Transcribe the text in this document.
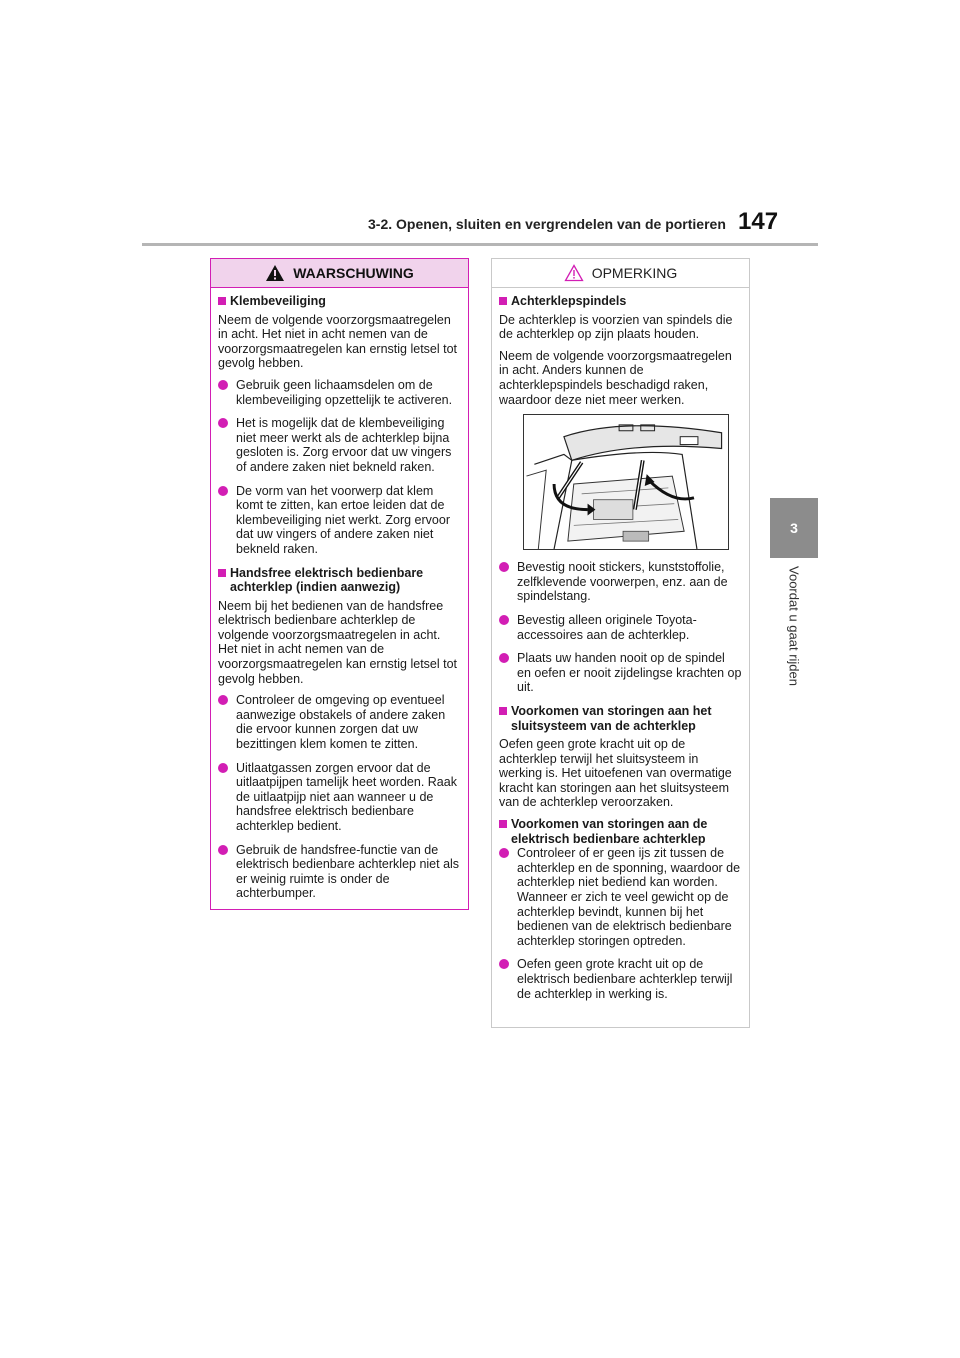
3-2. Openen, sluiten en vergrendelen van de portieren 147
3
Voordat u gaat rijden
WAARSCHUWING
Klembeveiliging

Neem de volgende voorzorgsmaatregelen in acht. Het niet in acht nemen van de voorzorgsmaatregelen kan ernstig letsel tot gevolg hebben.

Gebruik geen lichaamsdelen om de klembeveiliging opzettelijk te activeren.
Het is mogelijk dat de klembeveiliging niet meer werkt als de achterklep bijna gesloten is. Zorg ervoor dat uw vingers of andere zaken niet bekneld raken.
De vorm van het voorwerp dat klem komt te zitten, kan ertoe leiden dat de klembeveiliging niet werkt. Zorg ervoor dat uw vingers of andere zaken niet bekneld raken.
Handsfree elektrisch bedienbare achterklep (indien aanwezig)

Neem bij het bedienen van de handsfree elektrisch bedienbare achterklep de volgende voorzorgsmaatregelen in acht. Het niet in acht nemen van de voorzorgsmaatregelen kan ernstig letsel tot gevolg hebben.

Controleer de omgeving op eventueel aanwezige obstakels of andere zaken die ervoor kunnen zorgen dat uw bezittingen klem komen te zitten.
Uitlaatgassen zorgen ervoor dat de uitlaatpijpen tamelijk heet worden. Raak de uitlaatpijp niet aan wanneer u de handsfree elektrisch bedienbare achterklep bedient.
Gebruik de handsfree-functie van de elektrisch bedienbare achterklep niet als er weinig ruimte is onder de achterbumper.
OPMERKING
Achterklepspindels

De achterklep is voorzien van spindels die de achterklep op zijn plaats houden.

Neem de volgende voorzorgsmaatregelen in acht. Anders kunnen de achterklepspindels beschadigd raken, waardoor deze niet meer werken.

Bevestig nooit stickers, kunststoffolie, zelfklevende voorwerpen, enz. aan de spindelstang.
Bevestig alleen originele Toyota-accessoires aan de achterklep.
Plaats uw handen nooit op de spindel en oefen er nooit zijdelingse krachten op uit.
Voorkomen van storingen aan het sluitsysteem van de achterklep

Oefen geen grote kracht uit op de achterklep terwijl het sluitsysteem in werking is. Het uitoefenen van overmatige kracht kan storingen aan het sluitsysteem van de achterklep veroorzaken.

Voorkomen van storingen aan de elektrisch bedienbare achterklep
Controleer of er geen ijs zit tussen de achterklep en de sponning, waardoor de achterklep niet bediend kan worden. Wanneer er zich te veel gewicht op de achterklep bevindt, kunnen bij het bedienen van de elektrisch bedienbare achterklep storingen optreden.
Oefen geen grote kracht uit op de elektrisch bedienbare achterklep terwijl de achterklep in werking is.
